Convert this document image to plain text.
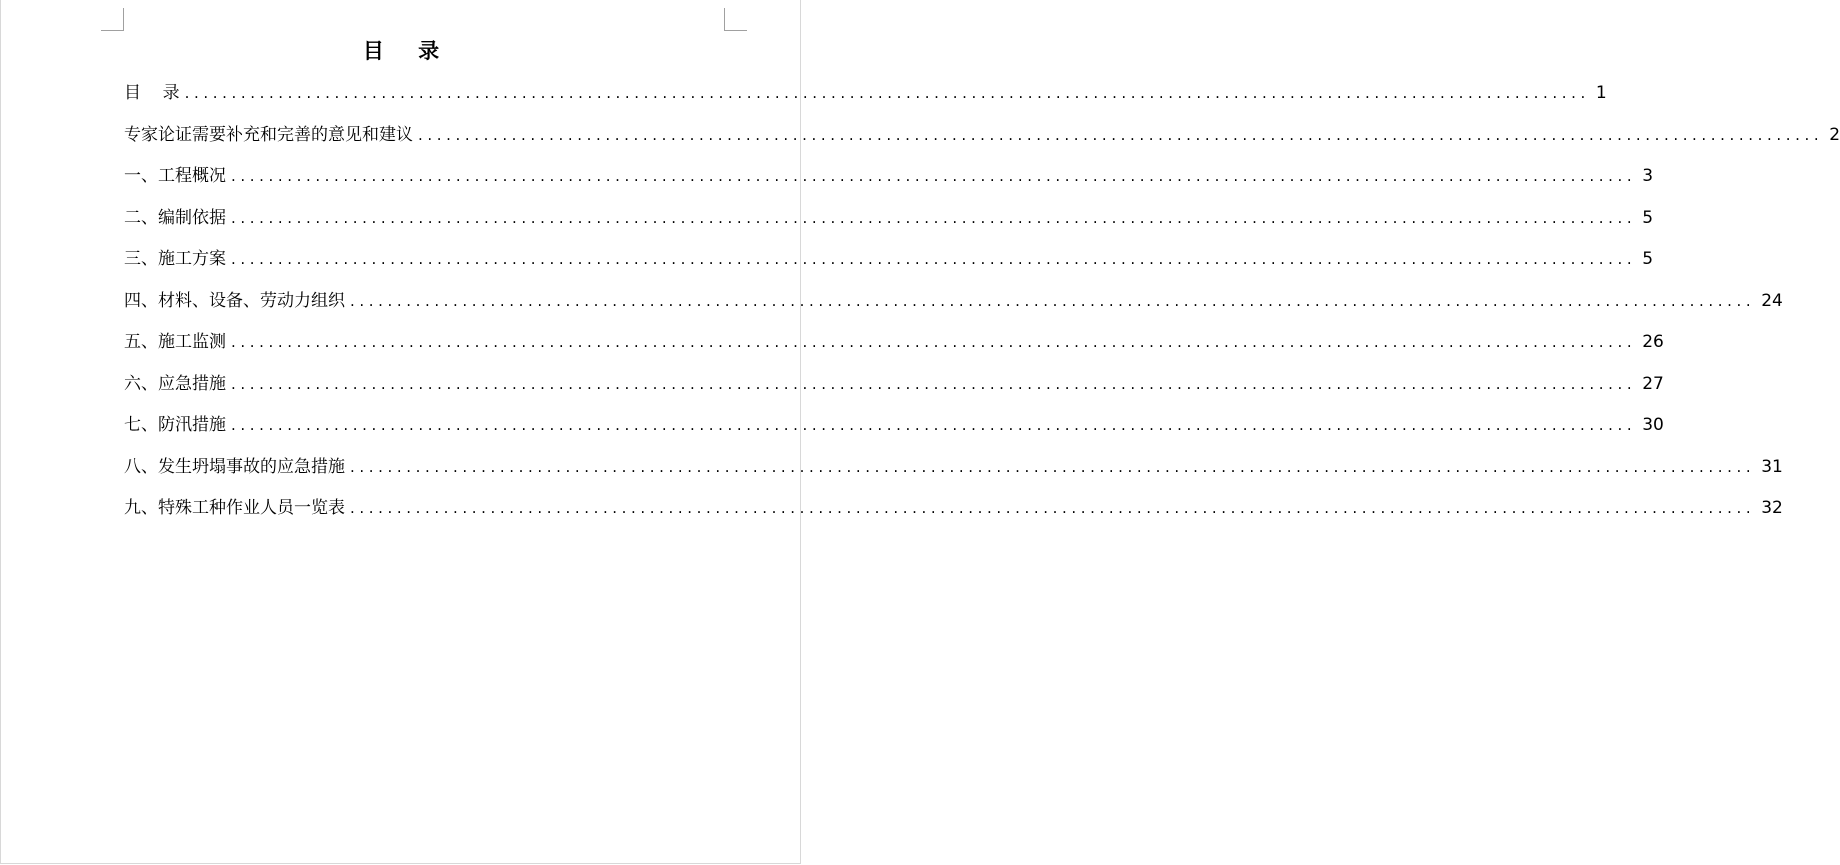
目    录
目    录 ...................................................................................................................................................... 1
专家论证需要补充和完善的意见和建议 ...................................................................................................................................................... 2
一、工程概况 ...................................................................................................................................................... 3
二、编制依据 ...................................................................................................................................................... 5
三、施工方案 ...................................................................................................................................................... 5
四、材料、设备、劳动力组织 ...................................................................................................................................................... 24
五、施工监测 ...................................................................................................................................................... 26
六、应急措施 ...................................................................................................................................................... 27
七、防汛措施 ...................................................................................................................................................... 30
八、发生坍塌事故的应急措施 ...................................................................................................................................................... 31
九、特殊工种作业人员一览表 ...................................................................................................................................................... 32
